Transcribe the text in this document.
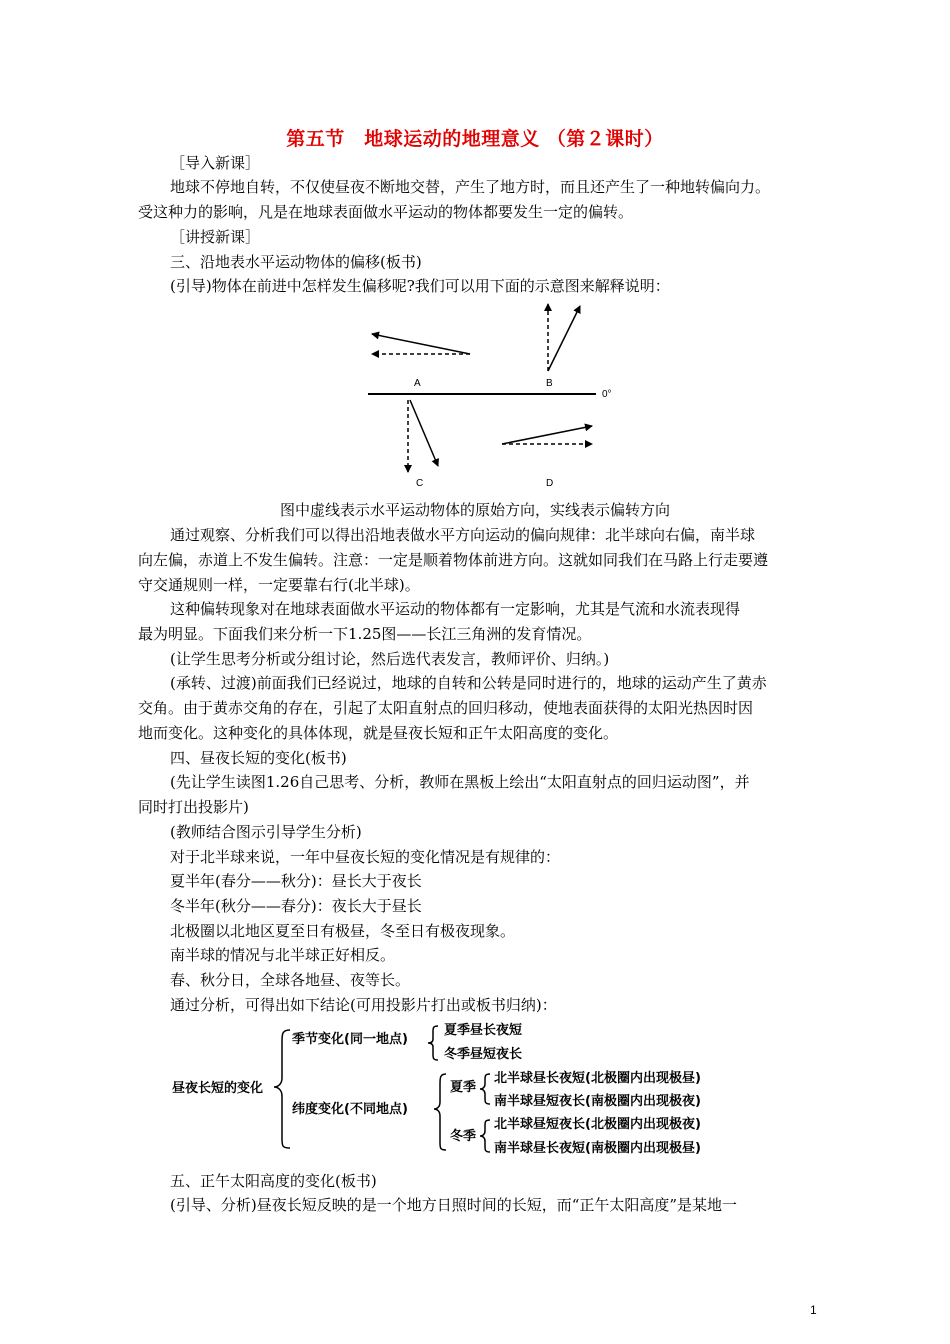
第五节　地球运动的地理意义 （第２课时）
［导入新课］
地球不停地自转，不仅使昼夜不断地交替，产生了地方时，而且还产生了一种地转偏向力。
受这种力的影响，凡是在地球表面做水平运动的物体都要发生一定的偏转。
［讲授新课］
三、沿地表水平运动物体的偏移(板书)
(引导)物体在前进中怎样发生偏移呢?我们可以用下面的示意图来解释说明：
0°
A	B
C	D
图中虚线表示水平运动物体的原始方向，实线表示偏转方向
通过观察、分析我们可以得出沿地表做水平方向运动的偏向规律：北半球向右偏，南半球
向左偏，赤道上不发生偏转。注意：一定是顺着物体前进方向。这就如同我们在马路上行走要遵
守交通规则一样，一定要靠右行(北半球)。
这种偏转现象对在地球表面做水平运动的物体都有一定影响，尤其是气流和水流表现得
最为明显。下面我们来分析一下1.25图——长江三角洲的发育情况。
(让学生思考分析或分组讨论，然后选代表发言，教师评价、归纳。)
(承转、过渡)前面我们已经说过，地球的自转和公转是同时进行的，地球的运动产生了黄赤
交角。由于黄赤交角的存在，引起了太阳直射点的回归移动，使地表面获得的太阳光热因时因
地而变化。这种变化的具体体现，就是昼夜长短和正午太阳高度的变化。
四、昼夜长短的变化(板书)
(先让学生读图1.26自己思考、分析，教师在黑板上绘出“太阳直射点的回归运动图”，并
同时打出投影片)
(教师结合图示引导学生分析)
对于北半球来说，一年中昼夜长短的变化情况是有规律的：
夏半年(春分——秋分)：昼长大于夜长
冬半年(秋分——春分)：夜长大于昼长
北极圈以北地区夏至日有极昼，冬至日有极夜现象。
南半球的情况与北半球正好相反。
春、秋分日，全球各地昼、夜等长。
通过分析，可得出如下结论(可用投影片打出或板书归纳)：
昼夜长短的变化
季节变化(同一地点)
夏季昼长夜短
冬季昼短夜长
纬度变化(不同地点)
夏季
北半球昼长夜短(北极圈内出现极昼)
南半球昼短夜长(南极圈内出现极夜)
冬季
北半球昼短夜长(北极圈内出现极夜)
南半球昼长夜短(南极圈内出现极昼)
五、正午太阳高度的变化(板书)
(引导、分析)昼夜长短反映的是一个地方日照时间的长短，而“正午太阳高度”是某地一
1
